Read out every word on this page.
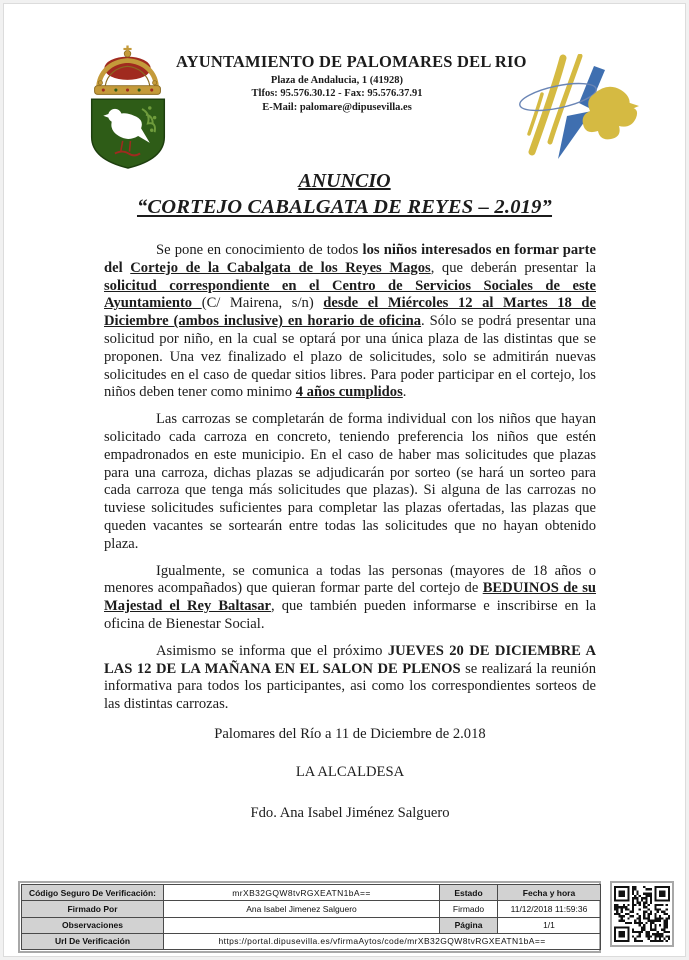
AYUNTAMIENTO DE PALOMARES DEL RIO
Plaza de Andalucia, 1 (41928)
Tlfos: 95.576.30.12 - Fax: 95.576.37.91
E-Mail: palomare@dipusevilla.es
ANUNCIO
“CORTEJO CABALGATA DE REYES – 2.019”

Se pone en conocimiento de todos los niños interesados en formar parte del Cortejo de la Cabalgata de los Reyes Magos, que deberán presentar la solicitud correspondiente en el Centro de Servicios Sociales de este Ayuntamiento (C/ Mairena, s/n) desde el Miércoles 12 al Martes 18 de Diciembre (ambos inclusive) en horario de oficina. Sólo se podrá presentar una solicitud por niño, en la cual se optará por una única plaza de las distintas que se proponen. Una vez finalizado el plazo de solicitudes, solo se admitirán nuevas solicitudes en el caso de quedar sitios libres. Para poder participar en el cortejo, los niños deben tener como minimo 4 años cumplidos.

Las carrozas se completarán de forma individual con los niños que hayan solicitado cada carroza en concreto, teniendo preferencia los niños que estén empadronados en este municipio. En el caso de haber mas solicitudes que plazas para una carroza, dichas plazas se adjudicarán por sorteo (se hará un sorteo para cada carroza que tenga más solicitudes que plazas). Si alguna de las carrozas no tuviese solicitudes suficientes para completar las plazas ofertadas, las plazas que queden vacantes se sortearán entre todas las solicitudes que no hayan obtenido plaza.

Igualmente, se comunica a todas las personas (mayores de 18 años o menores acompañados) que quieran formar parte del cortejo de BEDUINOS de su Majestad el Rey Baltasar, que también pueden informarse e inscribirse en la oficina de Bienestar Social.

Asimismo se informa que el próximo JUEVES 20 DE DICIEMBRE A LAS 12 DE LA MAÑANA EN EL SALON DE PLENOS se realizará la reunión informativa para todos los participantes, asi como los correspondientes sorteos de las distintas carrozas.

Palomares del Río a 11 de Diciembre de 2.018

LA ALCALDESA

Fdo. Ana Isabel Jiménez Salguero

Código Seguro De Verificación:	mrXB32GQW8tvRGXEATN1bA==	Estado	Fecha y hora
Firmado Por	Ana Isabel Jimenez Salguero	Firmado	11/12/2018 11:59:36
Observaciones		Página	1/1
Url De Verificación	https://portal.dipusevilla.es/vfirmaAytos/code/mrXB32GQW8tvRGXEATN1bA==		
